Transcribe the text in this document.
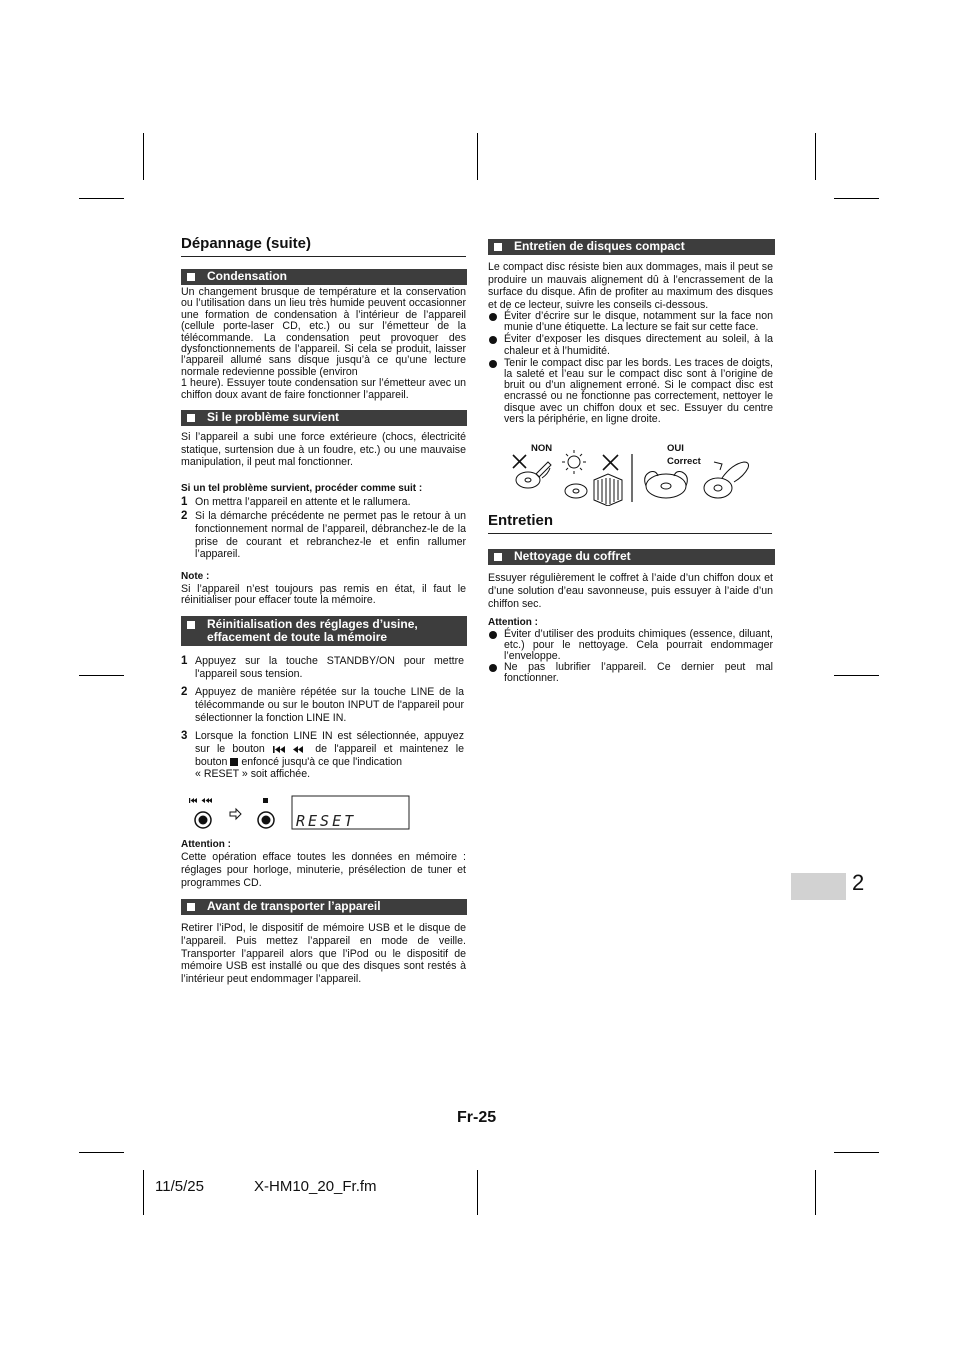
Dépannage (suite)
Condensation

Un changement brusque de température et la conservation ou l’utilisation dans un lieu très humide peuvent occasionner une formation de condensation à l’intérieur de l’appareil (cellule porte-laser CD, etc.) ou sur l’émetteur de la télécommande. La condensation peut provoquer des dysfonctionnements de l’appareil. Si cela se produit, laisser l’appareil allumé sans disque jusqu’à ce qu’une lecture normale redevienne possible (environ

1 heure). Essuyer toute condensation sur l’émetteur avec un chiffon doux avant de faire fonctionner l’appareil.

Si le problème survient

Si l’appareil a subi une force extérieure (chocs, électricité statique, surtension due à un foudre, etc.) ou une mauvaise manipulation, il peut mal fonctionner.

Si un tel problème survient, procéder comme suit :
1 On mettra l’appareil en attente et le rallumera.
2 Si la démarche précédente ne permet pas le retour à un fonctionnement normal de l’appareil, débranchez-le de la prise de courant et rebranchez-le et enfin rallumer l’appareil.
Note :
Si l’appareil n’est toujours pas remis en état, il faut le réinitialiser pour effacer toute la mémoire.
Réinitialisation des réglages d’usine,
effacement de toute la mémoire
1 Appuyez sur la touche STANDBY/ON pour mettre l'appareil sous tension.
2 Appuyez de manière répétée sur la touche LINE de la télécommande ou sur le bouton INPUT de l'appareil pour sélectionner la fonction LINE IN.
3 Lorsque la fonction LINE IN est sélectionnée, appuyez sur le bouton	de l'appareil et maintenez le bouton enfoncé jusqu'à ce que l'indication
« RESET » soit affichée.
RESET
Attention :
Cette opération efface toutes les données en mémoire : réglages pour horloge, minuterie, présélection de tuner et programmes CD.
Avant de transporter l’appareil
Retirer l’iPod, le dispositif de mémoire USB et le disque de l’appareil. Puis mettez l’appareil en mode de veille. Transporter l’appareil alors que l’iPod ou le dispositif de mémoire USB est installé ou que des disques sont restés à l’intérieur peut endommager l’appareil.
Entretien de disques compact
Le compact disc résiste bien aux dommages, mais il peut se produire un mauvais alignement dû à l’encrassement de la surface du disque. Afin de profiter au maximum des disques et de ce lecteur, suivre les conseils ci-dessous.
Éviter d’écrire sur le disque, notamment sur la face non munie d’une étiquette. La lecture se fait sur cette face.
Éviter d’exposer les disques directement au soleil, à la chaleur et à l’humidité.
Tenir le compact disc par les bords. Les traces de doigts, la saleté et l’eau sur le compact disc sont à l’origine de bruit ou d’un alignement erroné. Si le compact disc est encrassé ou ne fonctionne pas correctement, nettoyer le disque avec un chiffon doux et sec. Essuyer du centre vers la périphérie, en ligne droite.
NON	OUI
Correct
Entretien
Nettoyage du coffret
Essuyer régulièrement le coffret à l’aide d’un chiffon doux et d’une solution d’eau savonneuse, puis essuyer à l’aide d’un chiffon sec.
Attention :
Éviter d’utiliser des produits chimiques (essence, diluant, etc.) pour le nettoyage. Cela pourrait endommager l’enveloppe.
Ne pas lubrifier l’appareil. Ce dernier peut mal fonctionner.
2
Fr-25
11/5/25	X-HM10_20_Fr.fm
